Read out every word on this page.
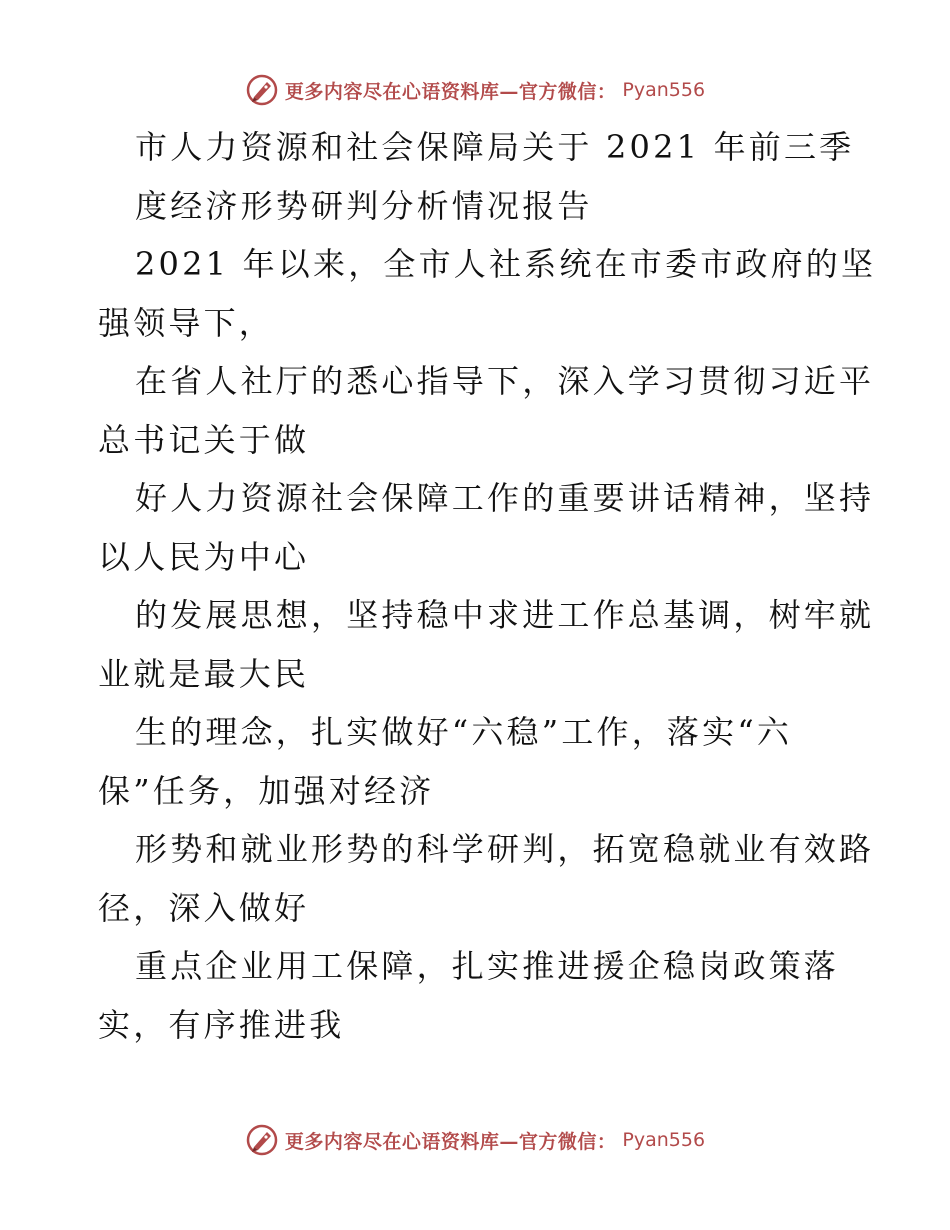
更多内容尽在心语资料库—官方微信： Pyan556
市人力资源和社会保障局关于 2021 年前三季
度经济形势研判分析情况报告
2021 年以来，全市人社系统在市委市政府的坚
强领导下，
在省人社厅的悉心指导下，深入学习贯彻习近平
总书记关于做
好人力资源社会保障工作的重要讲话精神，坚持
以人民为中心
的发展思想，坚持稳中求进工作总基调，树牢就
业就是最大民
生的理念，扎实做好“六稳”工作，落实“六
保”任务，加强对经济
形势和就业形势的科学研判，拓宽稳就业有效路
径，深入做好
重点企业用工保障，扎实推进援企稳岗政策落
实，有序推进我
更多内容尽在心语资料库—官方微信： Pyan556
